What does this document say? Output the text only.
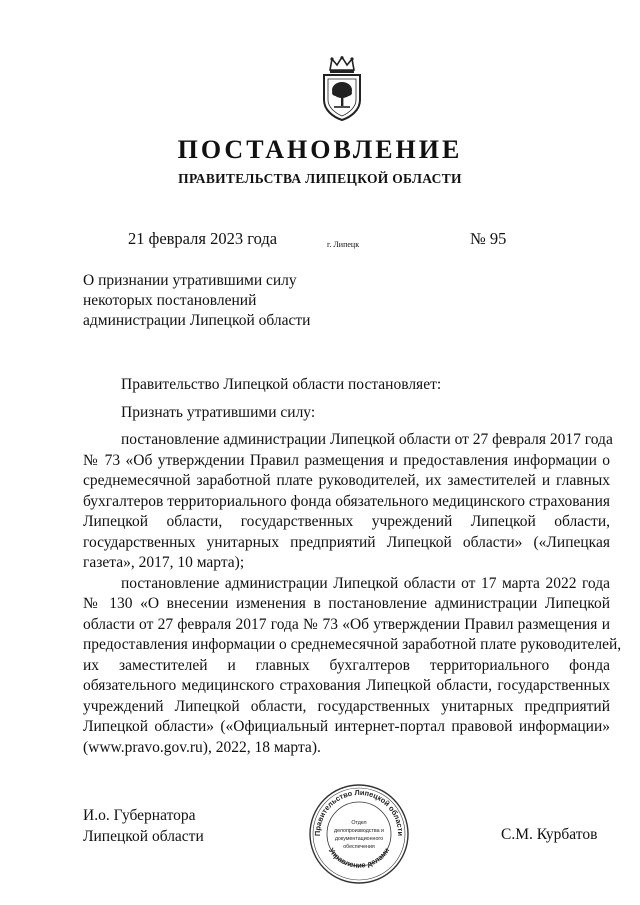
ПОСТАНОВЛЕНИЕ
ПРАВИТЕЛЬСТВА ЛИПЕЦКОЙ ОБЛАСТИ
21 февраля 2023 года	г. Липецк	№ 95
О признании утратившими силу
некоторых постановлений
администрации Липецкой области

Правительство Липецкой области постановляет:

Признать утратившими силу:

постановление администрации Липецкой области от 27 февраля 2017 года
№ 73 «Об утверждении Правил размещения и предоставления информации о
среднемесячной заработной плате руководителей, их заместителей и главных
бухгалтеров территориального фонда обязательного медицинского страхования
Липецкой области, государственных учреждений Липецкой области,
государственных унитарных предприятий Липецкой области» («Липецкая
газета», 2017, 10 марта);
постановление администрации Липецкой области от 17 марта 2022 года
№ 130 «О внесении изменения в постановление администрации Липецкой
области от 27 февраля 2017 года № 73 «Об утверждении Правил размещения и
предоставления информации о среднемесячной заработной плате руководителей,
их заместителей и главных бухгалтеров территориального фонда
обязательного медицинского страхования Липецкой области, государственных
учреждений Липецкой области, государственных унитарных предприятий
Липецкой области» («Официальный интернет-портал правовой информации»
(www.pravo.gov.ru), 2022, 18 марта).
И.о. Губернатора
Липецкой области	Правительство Липецкой области
Управление делами
Отдел
делопроизводства и
документационного
обеспечения
С.М. Курбатов
